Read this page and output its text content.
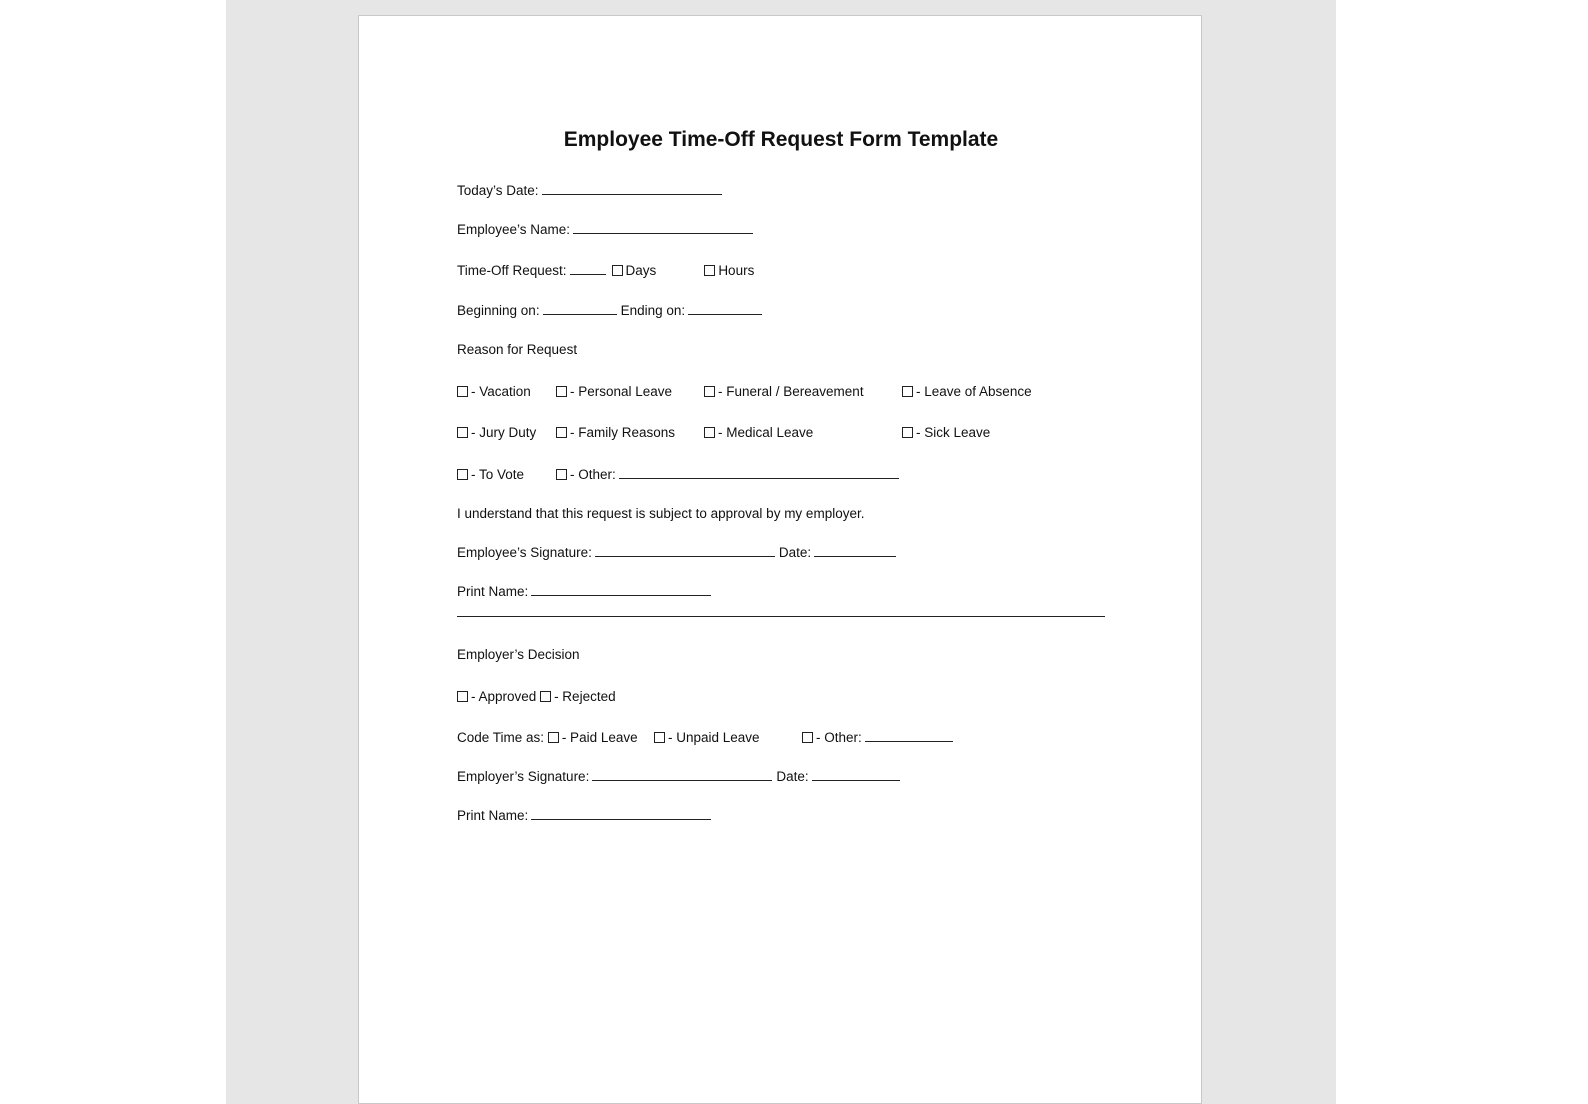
Employee Time-Off Request Form Template
Today’s Date:
Employee’s Name:
Time-Off Request:	Days	Hours
Beginning on:	Ending on:
Reason for Request
- Vacation	- Personal Leave	- Funeral / Bereavement	- Leave of Absence
- Jury Duty	- Family Reasons	- Medical Leave	- Sick Leave
- To Vote	- Other:
I understand that this request is subject to approval by my employer.
Employee’s Signature:	Date:
Print Name:
Employer’s Decision
- Approved - Rejected
Code Time as: - Paid Leave	- Unpaid Leave	- Other:
Employer’s Signature:	Date:
Print Name:
